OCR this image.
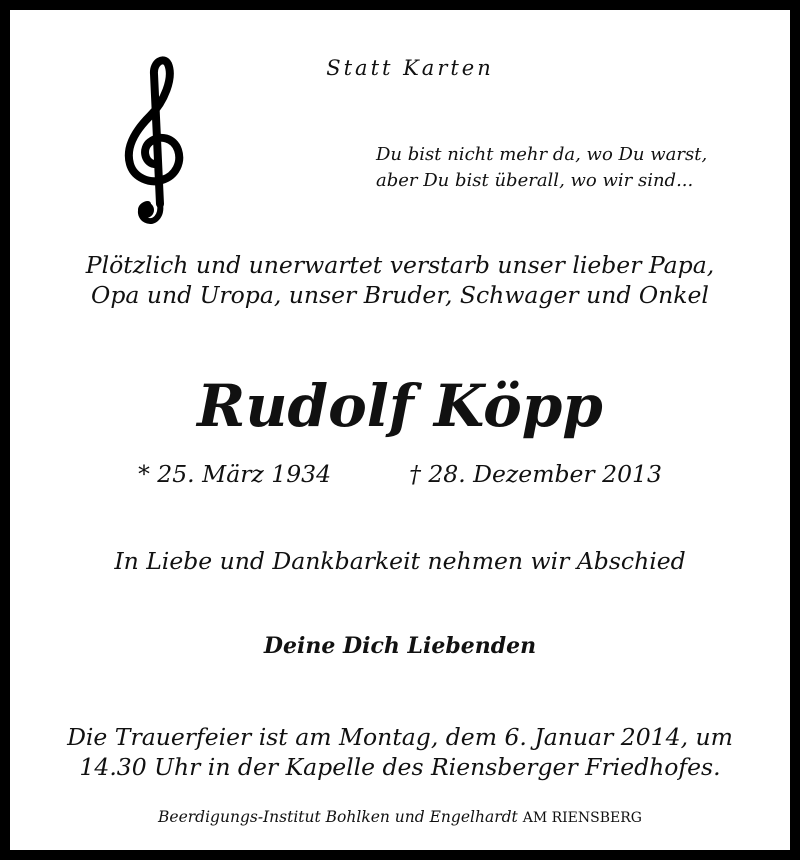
Statt Karten
Du bist nicht mehr da, wo Du warst,
aber Du bist überall, wo wir sind...
Plötzlich und unerwartet verstarb unser lieber Papa,
Opa und Uropa, unser Bruder, Schwager und Onkel
Rudolf Köpp
* 25. März 1934	† 28. Dezember 2013
In Liebe und Dankbarkeit nehmen wir Abschied
Deine Dich Liebenden
Die Trauerfeier ist am Montag, dem 6. Januar 2014, um
14.30 Uhr in der Kapelle des Riensberger Friedhofes.
Beerdigungs-Institut Bohlken und Engelhardt AM RIENSBERG
